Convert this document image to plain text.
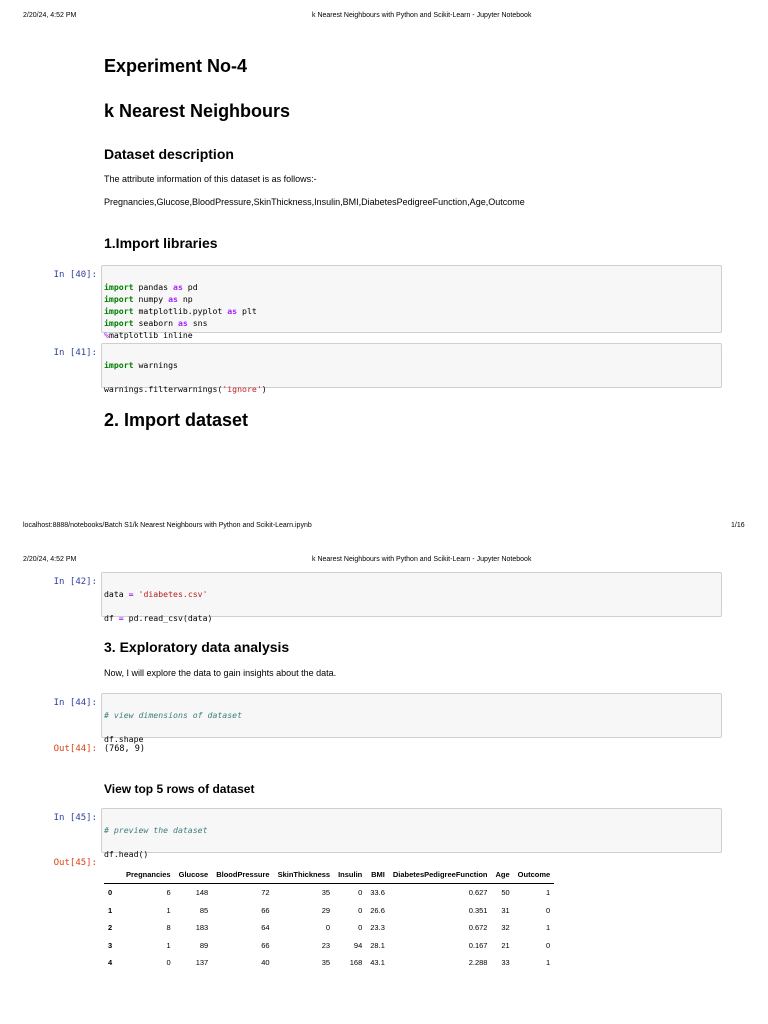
2/20/24, 4:52 PM	k Nearest Neighbours with Python and Scikit-Learn - Jupyter Notebook
Experiment No-4
k Nearest Neighbours
Dataset description
The attribute information of this dataset is as follows:-
Pregnancies,Glucose,BloodPressure,SkinThickness,Insulin,BMI,DiabetesPedigreeFunction,Age,Outcome
1.Import libraries
In [40]:

import pandas as pd
import numpy as np
import matplotlib.pyplot as plt
import seaborn as sns
%matplotlib inline
In [41]:

import warnings
warnings.filterwarnings('ignore')
2. Import dataset
localhost:8888/notebooks/Batch S1/k Nearest Neighbours with Python and Scikit-Learn.ipynb	1/16
2/20/24, 4:52 PM	k Nearest Neighbours with Python and Scikit-Learn - Jupyter Notebook
In [42]:

data = 'diabetes.csv'
df = pd.read_csv(data)
3. Exploratory data analysis
Now, I will explore the data to gain insights about the data.
In [44]:

# view dimensions of dataset
df.shape
Out[44]: (768, 9)
View top 5 rows of dataset
In [45]:

# preview the dataset
df.head()
Out[45]:
	Pregnancies	Glucose	BloodPressure	SkinThickness	Insulin	BMI	DiabetesPedigreeFunction	Age	Outcome
0	6	148	72	35	0	33.6	0.627	50	1
1	1	85	66	29	0	26.6	0.351	31	0
2	8	183	64	0	0	23.3	0.672	32	1
3	1	89	66	23	94	28.1	0.167	21	0
4	0	137	40	35	168	43.1	2.288	33	1
